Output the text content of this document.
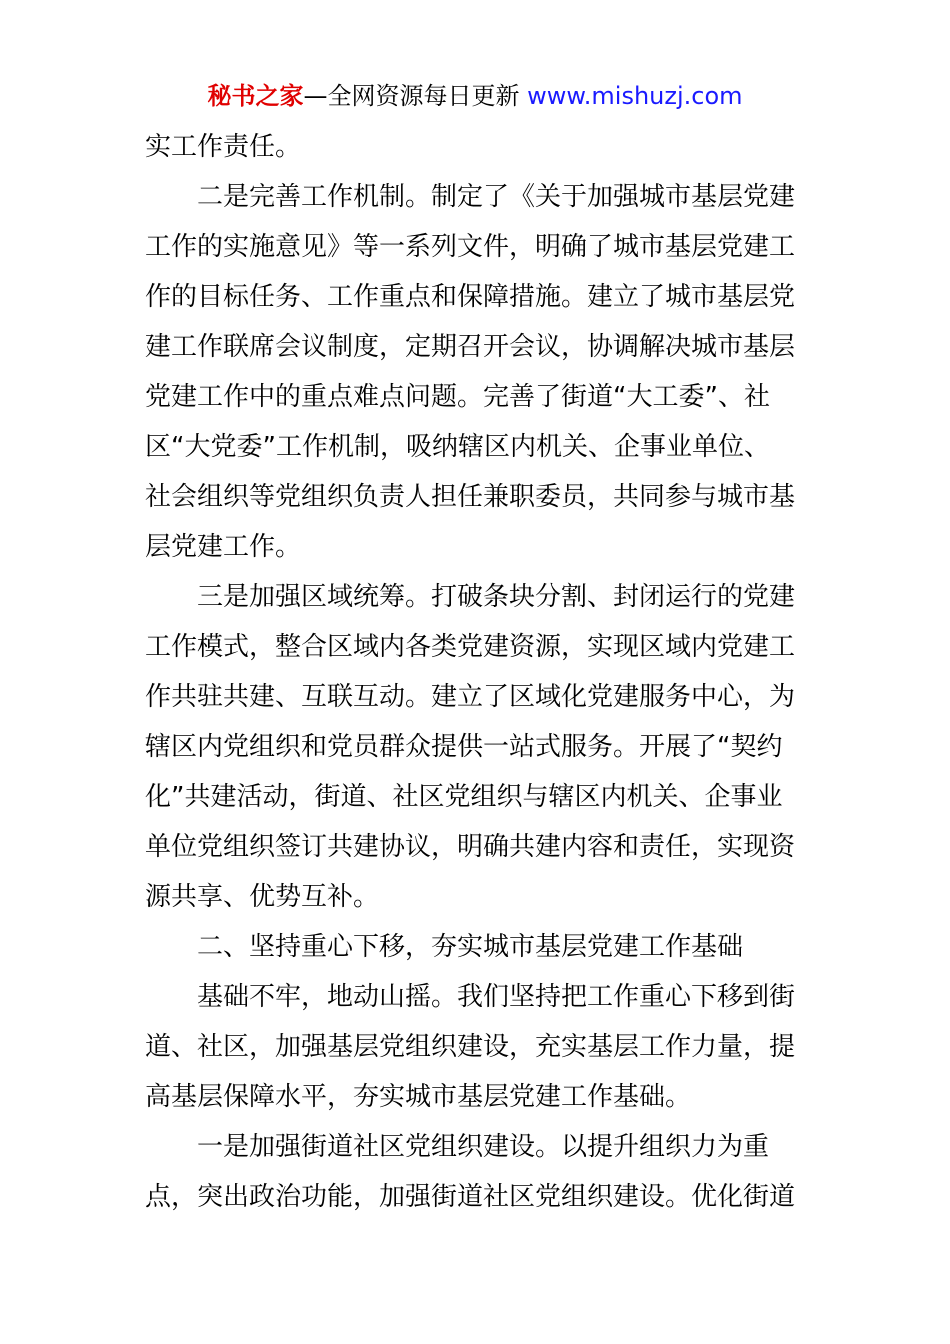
秘书之家—全网资源每日更新 www.mishuzj.com
实工作责任。
二是完善工作机制。制定了《关于加强城市基层党建
工作的实施意见》等一系列文件，明确了城市基层党建工
作的目标任务、工作重点和保障措施。建立了城市基层党
建工作联席会议制度，定期召开会议，协调解决城市基层
党建工作中的重点难点问题。完善了街道“大工委”、社
区“大党委”工作机制，吸纳辖区内机关、企事业单位、
社会组织等党组织负责人担任兼职委员，共同参与城市基
层党建工作。
三是加强区域统筹。打破条块分割、封闭运行的党建
工作模式，整合区域内各类党建资源，实现区域内党建工
作共驻共建、互联互动。建立了区域化党建服务中心，为
辖区内党组织和党员群众提供一站式服务。开展了“契约
化”共建活动，街道、社区党组织与辖区内机关、企事业
单位党组织签订共建协议，明确共建内容和责任，实现资
源共享、优势互补。
二、坚持重心下移，夯实城市基层党建工作基础
基础不牢，地动山摇。我们坚持把工作重心下移到街
道、社区，加强基层党组织建设，充实基层工作力量，提
高基层保障水平，夯实城市基层党建工作基础。
一是加强街道社区党组织建设。以提升组织力为重
点，突出政治功能，加强街道社区党组织建设。优化街道
